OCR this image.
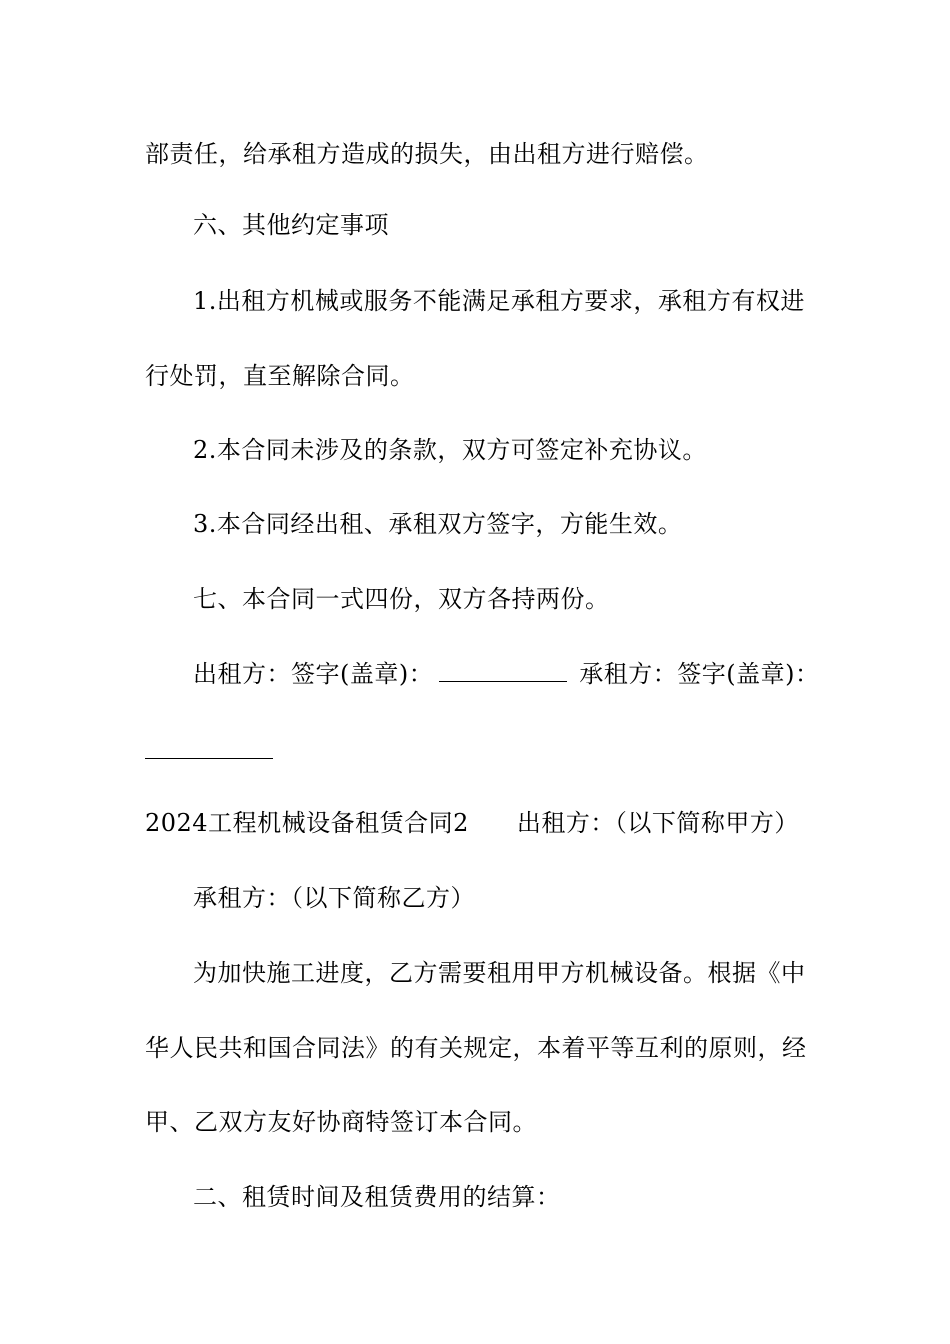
部责任，给承租方造成的损失，由出租方进行赔偿。
六、其他约定事项
1.出租方机械或服务不能满足承租方要求，承租方有权进
行处罚，直至解除合同。
2.本合同未涉及的条款，双方可签定补充协议。
3.本合同经出租、承租双方签字，方能生效。
七、本合同一式四份，双方各持两份。
出租方：签字(盖章)：	承租方：签字(盖章)：
2024工程机械设备租赁合同2 出租方：（以下简称甲方）
承租方：（以下简称乙方）
为加快施工进度，乙方需要租用甲方机械设备。根据《中
华人民共和国合同法》的有关规定，本着平等互利的原则，经
甲、乙双方友好协商特签订本合同。
二、租赁时间及租赁费用的结算：
